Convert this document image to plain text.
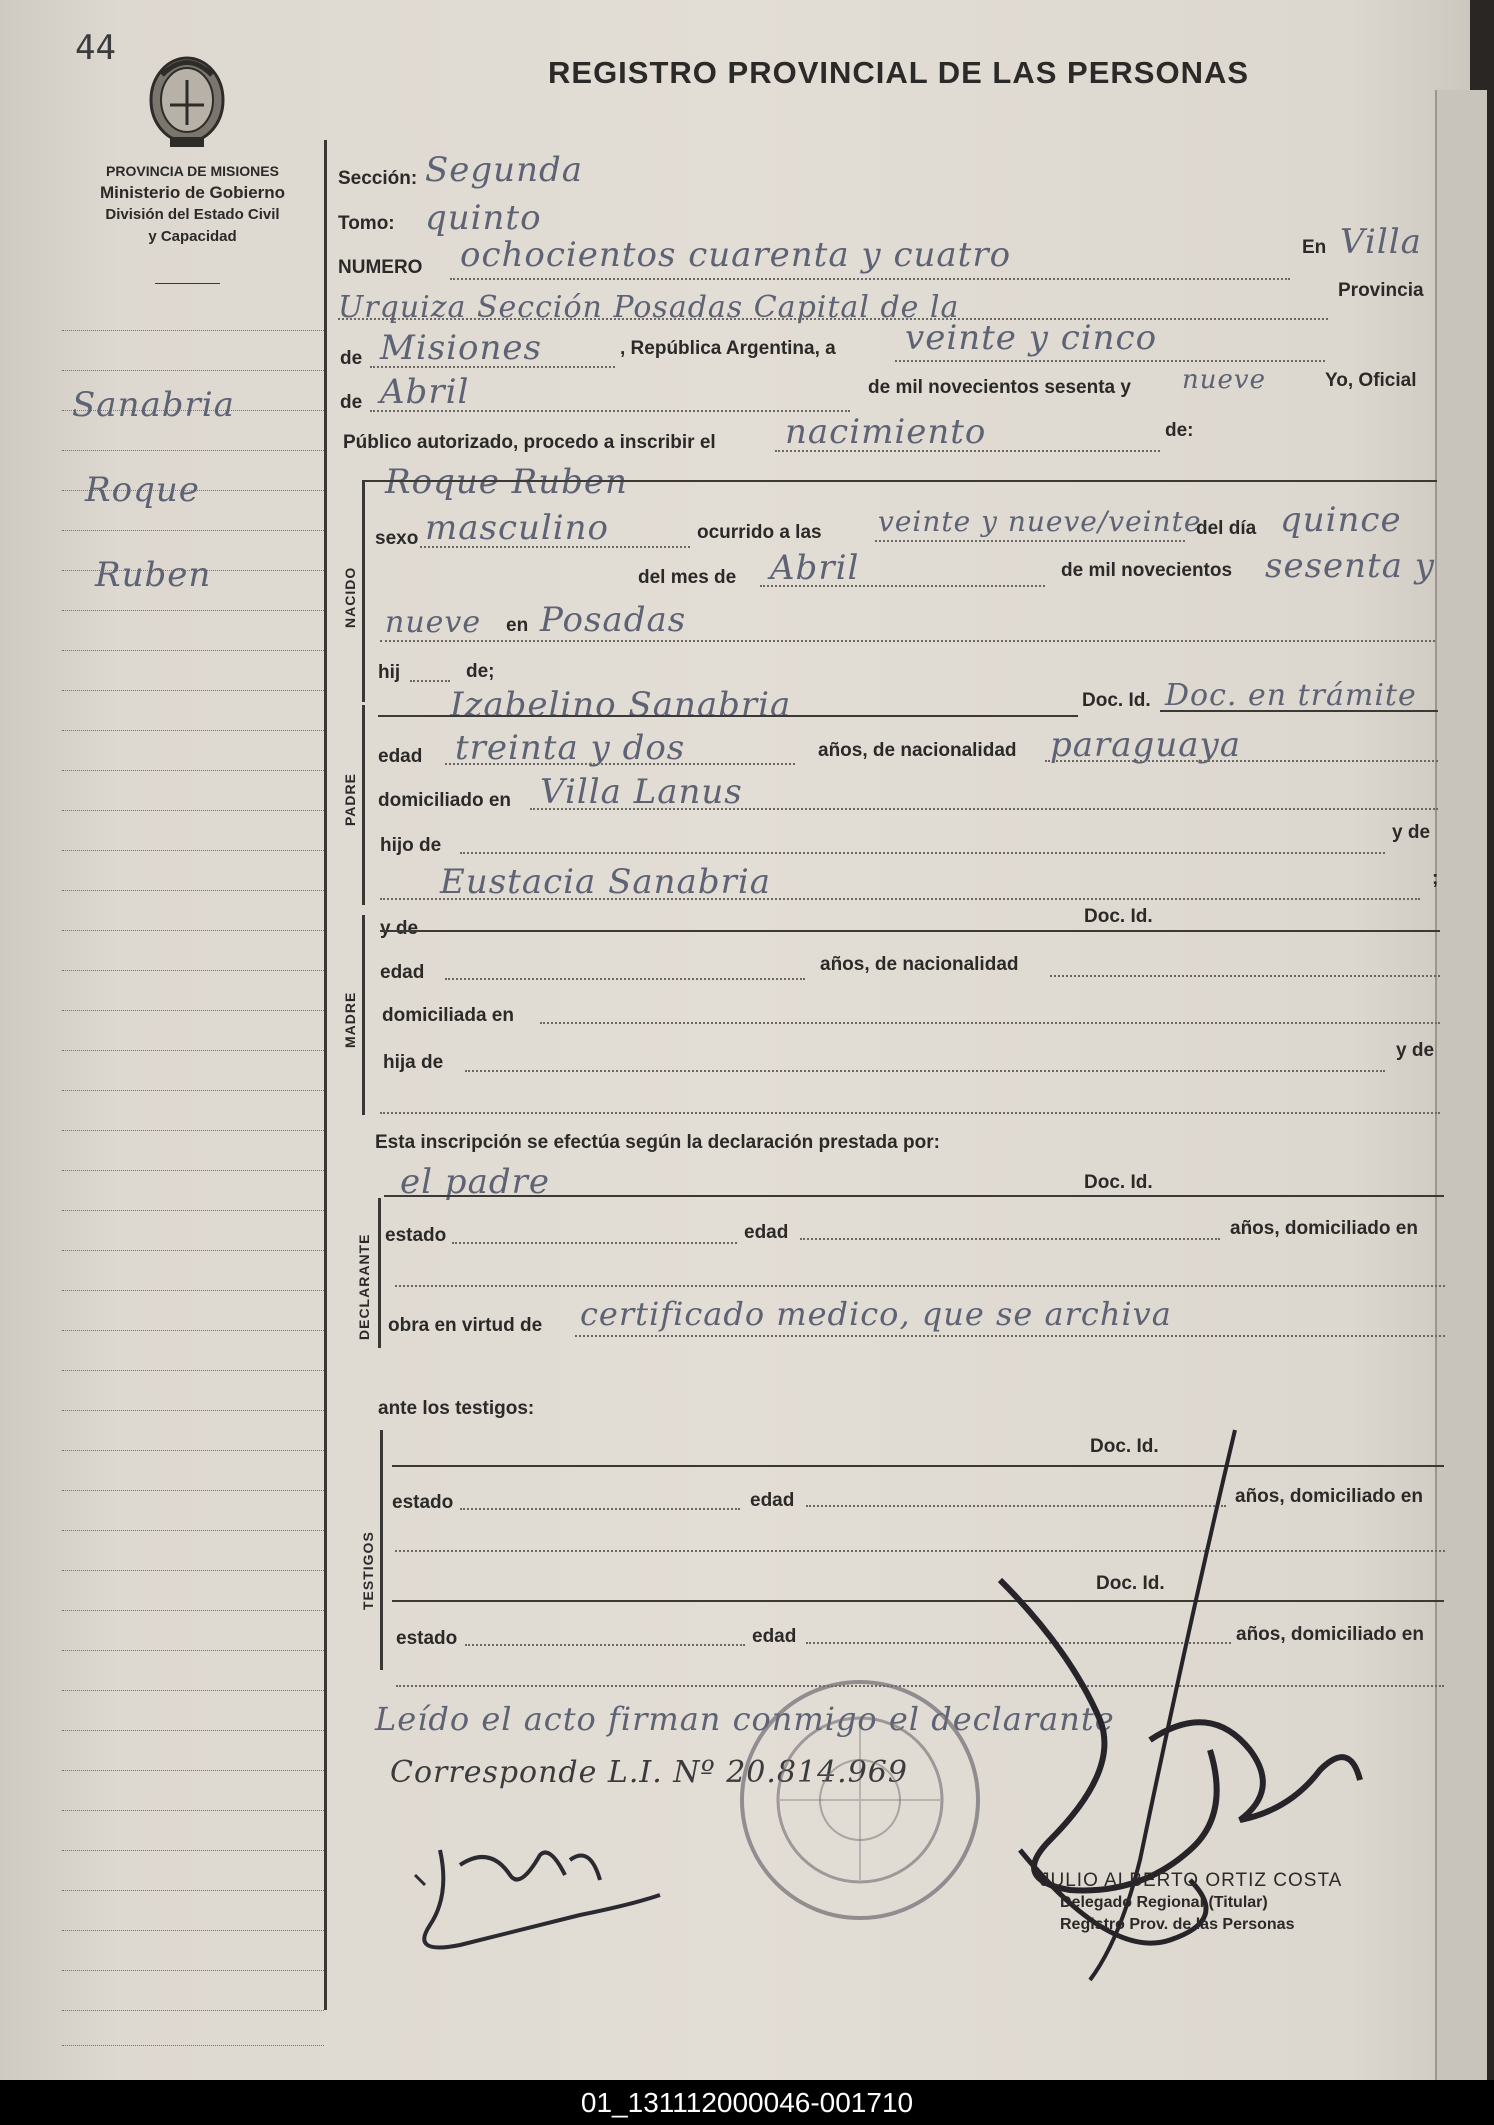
44
REGISTRO PROVINCIAL DE LAS PERSONAS
PROVINCIA DE MISIONES
Ministerio de Gobierno
División del Estado Civil
y Capacidad
Sanabria
Roque
Ruben
Sección: Segunda
Tomo: quinto
NUMERO ochocientos cuarenta y cuatro	En Villa
Urquiza Sección Posadas Capital de la	Provincia
de Misiones	, República Argentina, a veinte y cinco
de Abril	de mil novecientos sesenta y nueve	Yo, Oficial
Público autorizado, procedo a inscribir el nacimiento	de:
Roque Ruben
NACIDO
sexo masculino	ocurrido a las veinte y nueve/veinte
del día quince
del mes de Abril	de mil novecientos sesenta y
nueve en Posadas
hij	de;
PADRE
Izabelino Sanabria	Doc. Id. Doc. en trámite
edad treinta y dos	años, de nacionalidad paraguaya
domiciliado en Villa Lanus
hijo de
y de
Eustacia Sanabria	;
MADRE
y de
Doc. Id.
edad	años, de nacionalidad
domiciliada en
hija de
y de
Esta inscripción se efectúa según la declaración prestada por:
el padre	Doc. Id.
DECLARANTE estado	edad	años, domiciliado en
obra en virtud de certificado medico, que se archiva
ante los testigos:
TESTIGOS
Doc. Id.
estado	edad	años, domiciliado en
Doc. Id.
estado	edad	años, domiciliado en
Leído el acto firman conmigo el declarante
Corresponde L.I. Nº 20.814.969
JULIO ALBERTO ORTIZ COSTA
Delegado Regional (Titular)
Registro Prov. de las Personas
01_131112000046-001710
